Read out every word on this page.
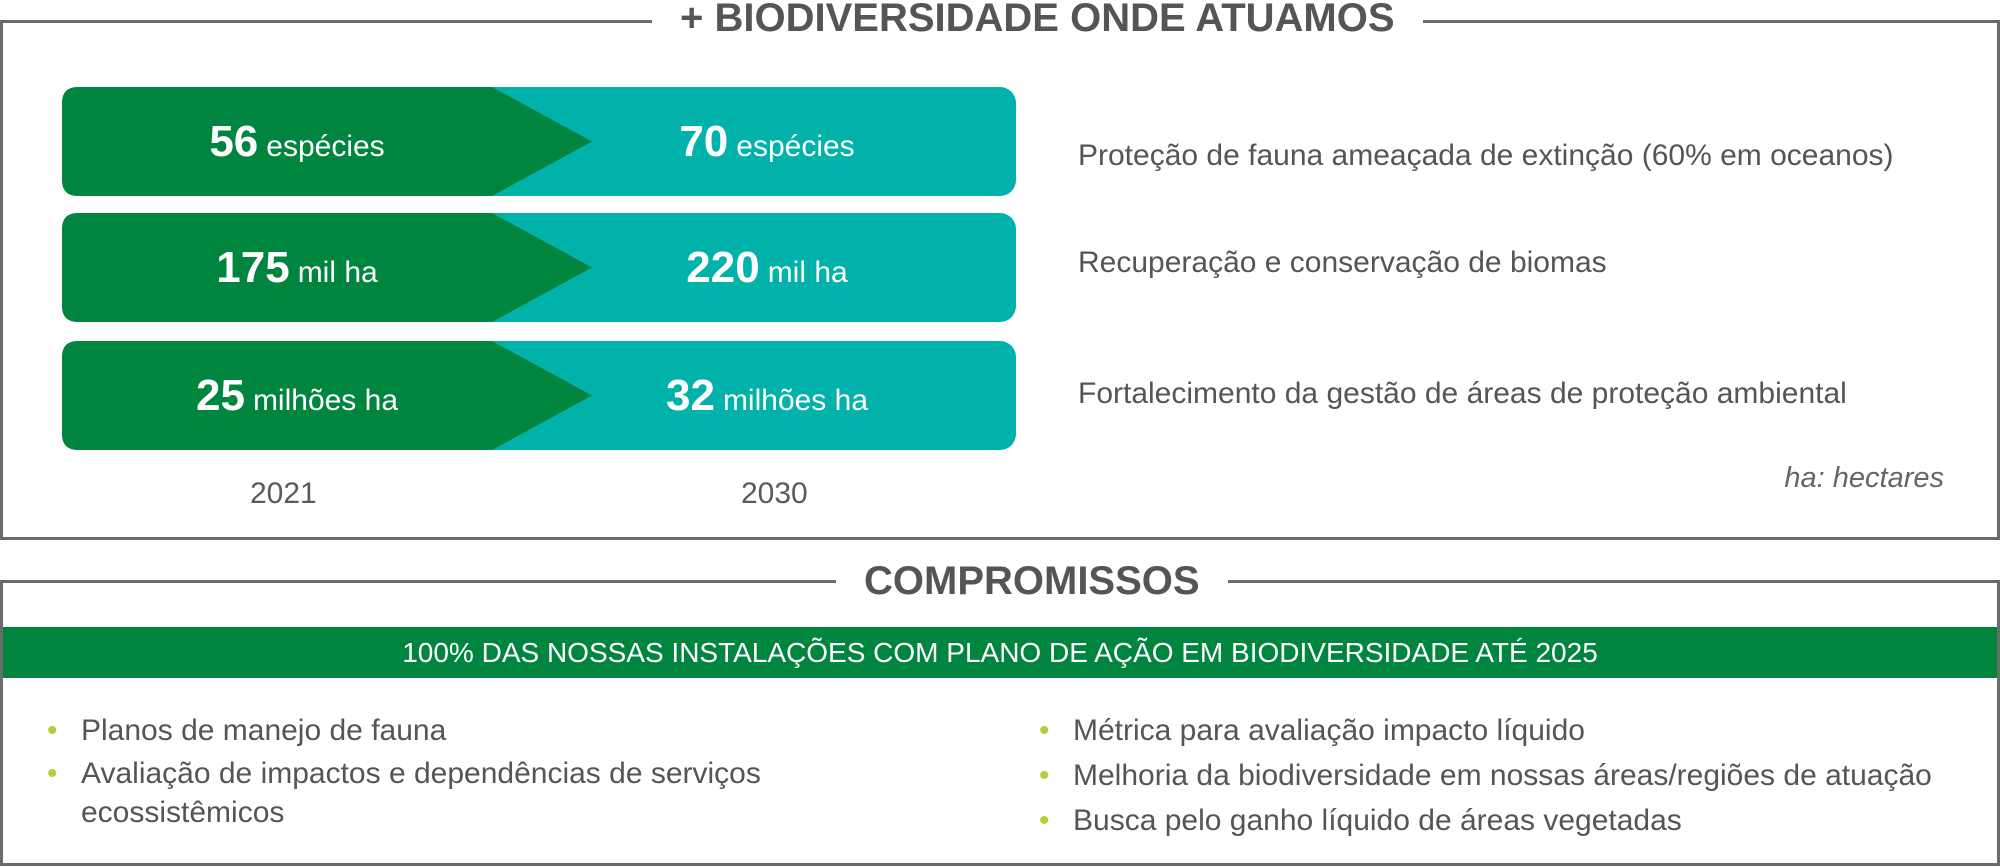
+ BIODIVERSIDADE ONDE ATUAMOS
56 espécies	70 espécies	Proteção de fauna ameaçada de extinção (60% em oceanos)
175 mil ha	220 mil ha	Recuperação e conservação de biomas
25 milhões ha	32 milhões ha	Fortalecimento da gestão de áreas de proteção ambiental
2021	2030	ha: hectares
COMPROMISSOS
100% DAS NOSSAS INSTALAÇÕES COM PLANO DE AÇÃO EM BIODIVERSIDADE ATÉ 2025
• Planos de manejo de fauna
• Avaliação de impactos e dependências de serviços
ecossistêmicos
• Métrica para avaliação impacto líquido
• Melhoria da biodiversidade em nossas áreas/regiões de atuação
• Busca pelo ganho líquido de áreas vegetadas
